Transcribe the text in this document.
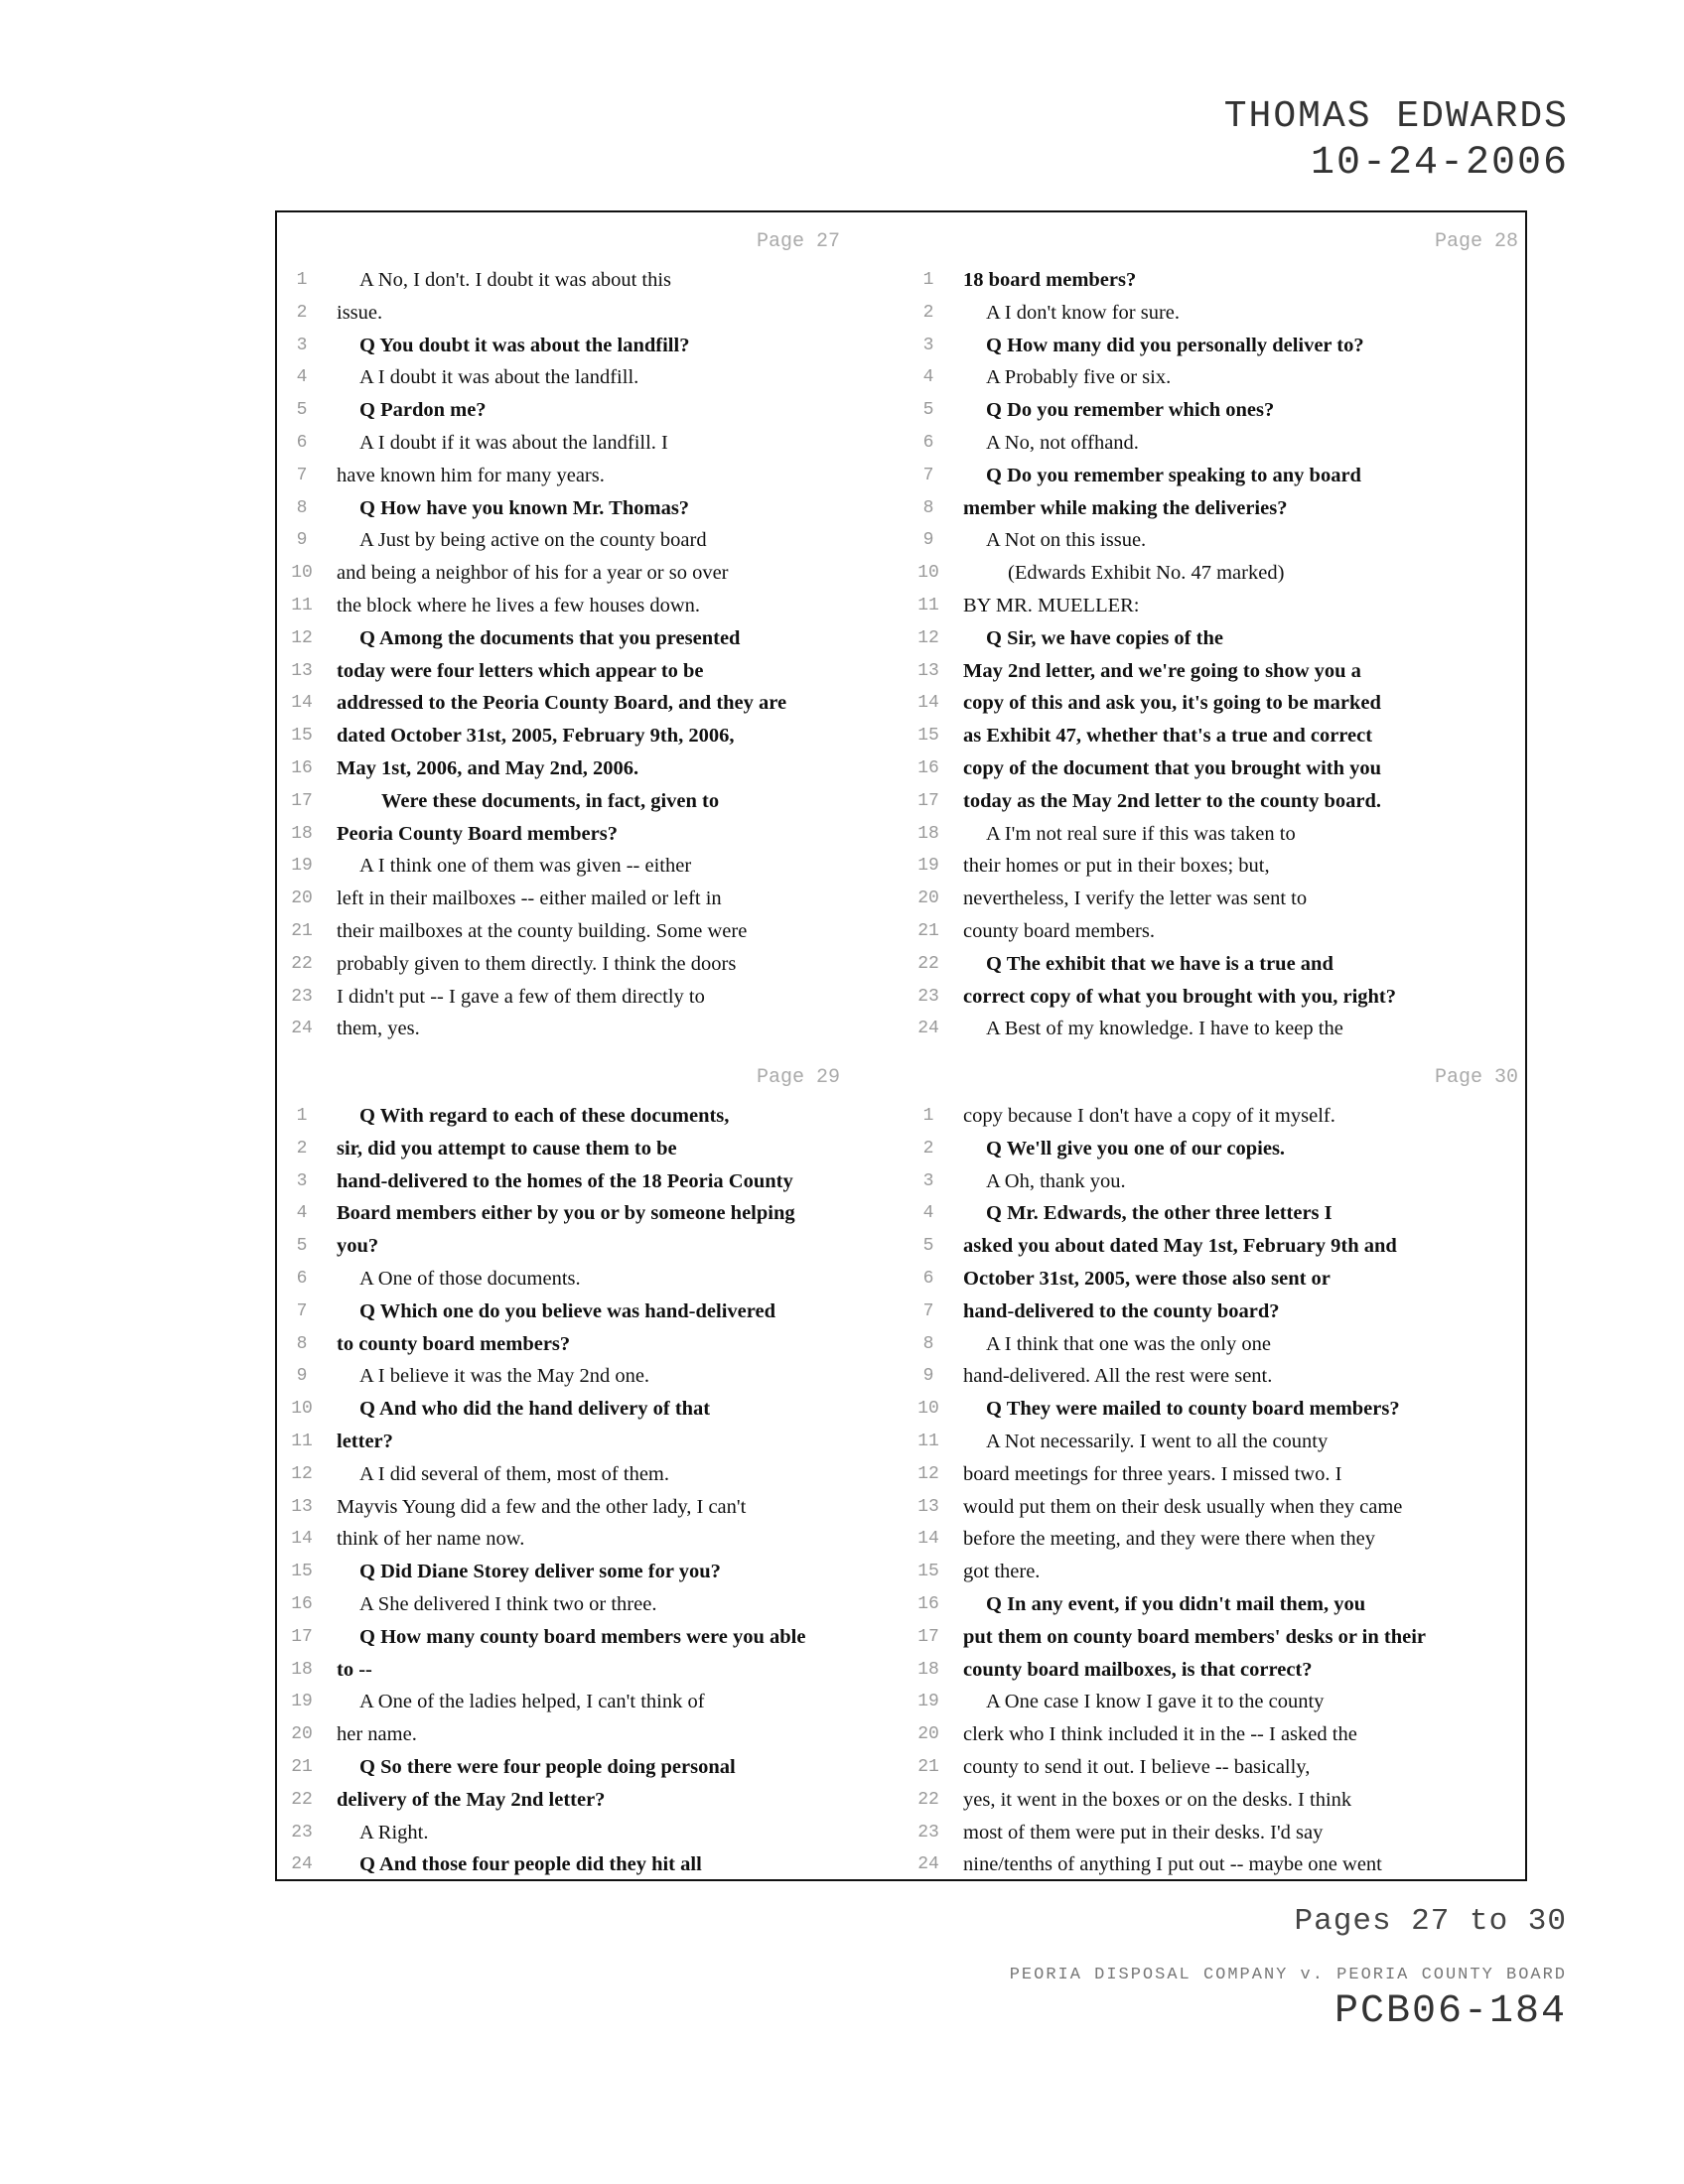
THOMAS EDWARDS
10-24-2006
Page 27
1	A No, I don't. I doubt it was about this
2	issue.
3	Q You doubt it was about the landfill?
4	A I doubt it was about the landfill.
5	Q Pardon me?
6	A I doubt if it was about the landfill. I
7	have known him for many years.
8	Q How have you known Mr. Thomas?
9	A Just by being active on the county board
10	and being a neighbor of his for a year or so over
11	the block where he lives a few houses down.
12	Q Among the documents that you presented
13	today were four letters which appear to be
14	addressed to the Peoria County Board, and they are
15	dated October 31st, 2005, February 9th, 2006,
16	May 1st, 2006, and May 2nd, 2006.
17	Were these documents, in fact, given to
18	Peoria County Board members?
19	A I think one of them was given -- either
20	left in their mailboxes -- either mailed or left in
21	their mailboxes at the county building. Some were
22	probably given to them directly. I think the doors
23	I didn't put -- I gave a few of them directly to
24	them, yes.
Page 28
1	18 board members?
2	A I don't know for sure.
3	Q How many did you personally deliver to?
4	A Probably five or six.
5	Q Do you remember which ones?
6	A No, not offhand.
7	Q Do you remember speaking to any board
8	member while making the deliveries?
9	A Not on this issue.
10	(Edwards Exhibit No. 47 marked)
11	BY MR. MUELLER:
12	Q Sir, we have copies of the
13	May 2nd letter, and we're going to show you a
14	copy of this and ask you, it's going to be marked
15	as Exhibit 47, whether that's a true and correct
16	copy of the document that you brought with you
17	today as the May 2nd letter to the county board.
18	A I'm not real sure if this was taken to
19	their homes or put in their boxes; but,
20	nevertheless, I verify the letter was sent to
21	county board members.
22	Q The exhibit that we have is a true and
23	correct copy of what you brought with you, right?
24	A Best of my knowledge. I have to keep the
Page 29
1	Q With regard to each of these documents,
2	sir, did you attempt to cause them to be
3	hand-delivered to the homes of the 18 Peoria County
4	Board members either by you or by someone helping
5	you?
6	A One of those documents.
7	Q Which one do you believe was hand-delivered
8	to county board members?
9	A I believe it was the May 2nd one.
10	Q And who did the hand delivery of that
11	letter?
12	A I did several of them, most of them.
13	Mayvis Young did a few and the other lady, I can't
14	think of her name now.
15	Q Did Diane Storey deliver some for you?
16	A She delivered I think two or three.
17	Q How many county board members were you able
18	to --
19	A One of the ladies helped, I can't think of
20	her name.
21	Q So there were four people doing personal
22	delivery of the May 2nd letter?
23	A Right.
24	Q And those four people did they hit all
Page 30
1	copy because I don't have a copy of it myself.
2	Q We'll give you one of our copies.
3	A Oh, thank you.
4	Q Mr. Edwards, the other three letters I
5	asked you about dated May 1st, February 9th and
6	October 31st, 2005, were those also sent or
7	hand-delivered to the county board?
8	A I think that one was the only one
9	hand-delivered. All the rest were sent.
10	Q They were mailed to county board members?
11	A Not necessarily. I went to all the county
12	board meetings for three years. I missed two. I
13	would put them on their desk usually when they came
14	before the meeting, and they were there when they
15	got there.
16	Q In any event, if you didn't mail them, you
17	put them on county board members' desks or in their
18	county board mailboxes, is that correct?
19	A One case I know I gave it to the county
20	clerk who I think included it in the -- I asked the
21	county to send it out. I believe -- basically,
22	yes, it went in the boxes or on the desks. I think
23	most of them were put in their desks. I'd say
24	nine/tenths of anything I put out -- maybe one went
Pages 27 to 30
PEORIA DISPOSAL COMPANY v. PEORIA COUNTY BOARD
PCB06-184
